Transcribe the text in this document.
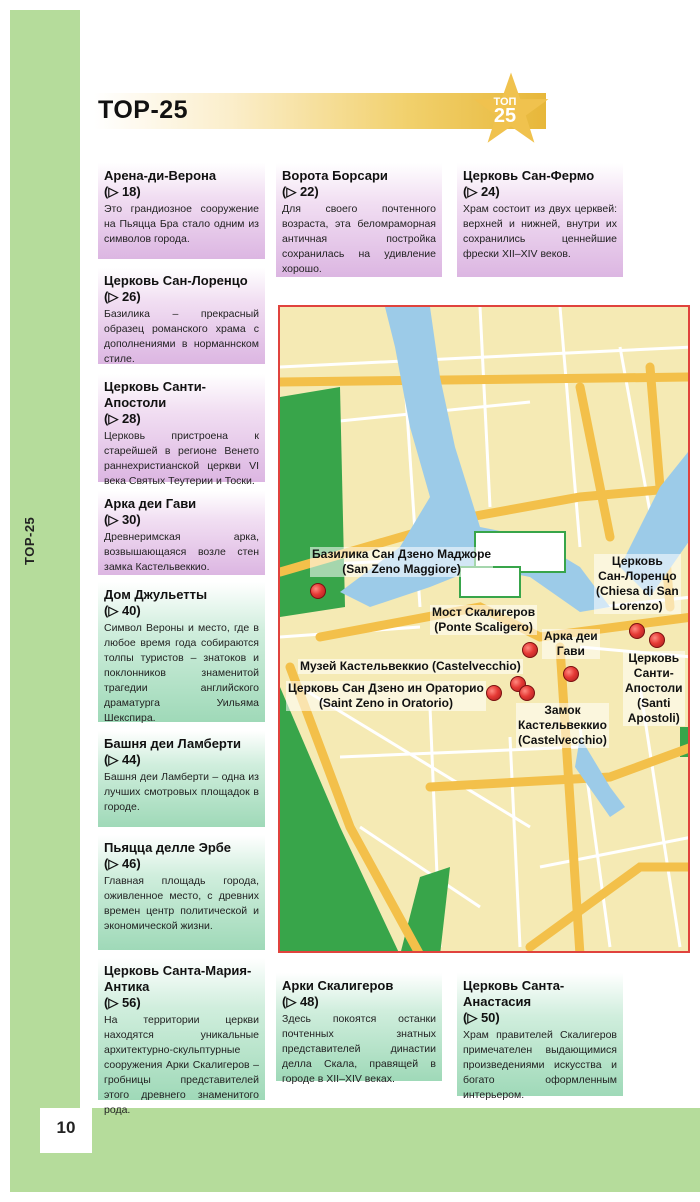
10
TOP-25
TOP-25	ТОП
25
Арена-ди-Верона
(▷ 18)
Это грандиозное сооружение на Пьяцца Бра стало одним из символов города.
Ворота Борсари
(▷ 22)
Для своего почтенного возраста, эта беломраморная античная постройка сохранилась на удивление хорошо.
Церковь Сан-Фермо
(▷ 24)
Храм состоит из двух церквей: верхней и нижней, внутри их сохранились ценнейшие фрески XII–XIV веков.
Церковь Сан-Лоренцо
(▷ 26)
Базилика – прекрасный образец романского храма с дополнениями в норманнском стиле.
Церковь Санти-Апостоли
(▷ 28)
Церковь пристроена к старейшей в регионе Венето раннехристианской церкви VI века Святых Теутерии и Тоски.
Арка деи Гави
(▷ 30)
Древнеримская арка, возвышающаяся возле стен замка Кастельвеккио.
Дом Джульетты
(▷ 40)
Символ Вероны и место, где в любое время года собираются толпы туристов – знатоков и поклонников знаменитой трагедии английского драматурга Уильяма Шекспира.
Башня деи Ламберти
(▷ 44)
Башня деи Ламберти – одна из лучших смотровых площадок в городе.
Пьяцца делле Эрбе
(▷ 46)
Главная площадь города, оживленное место, с древних времен центр политической и экономической жизни.
Церковь Санта-Мария-Антика
(▷ 56)
На территории церкви находятся уникальные архитектурно-скульптурные сооружения Арки Скалигеров – гробницы представителей этого древнего знаменитого рода.
Арки Скалигеров
(▷ 48)
Здесь покоятся останки почтенных знатных представителей династии делла Скала, правящей в городе в XII–XIV веках.
Церковь Санта-Анастасия
(▷ 50)
Храм правителей Скалигеров примечателен выдающимися произведениями искусства и богато оформленным интерьером.
Базилика Сан Дзено Маджоре
(San Zeno Maggiore)
Мост Скалигеров
(Ponte Scaligero)
Церковь
Сан-Лоренцо
(Chiesa di San
Lorenzo)
Арка деи
Гави
Музей Кастельвеккио (Castelvecchio)
Церковь Сан Дзено ин Ораторио
(Saint Zeno in Oratorio)	Замок
Кастельвеккио
(Castelvecchio)
Церковь
Санти-
Апостоли
(Santi
Apostoli)
